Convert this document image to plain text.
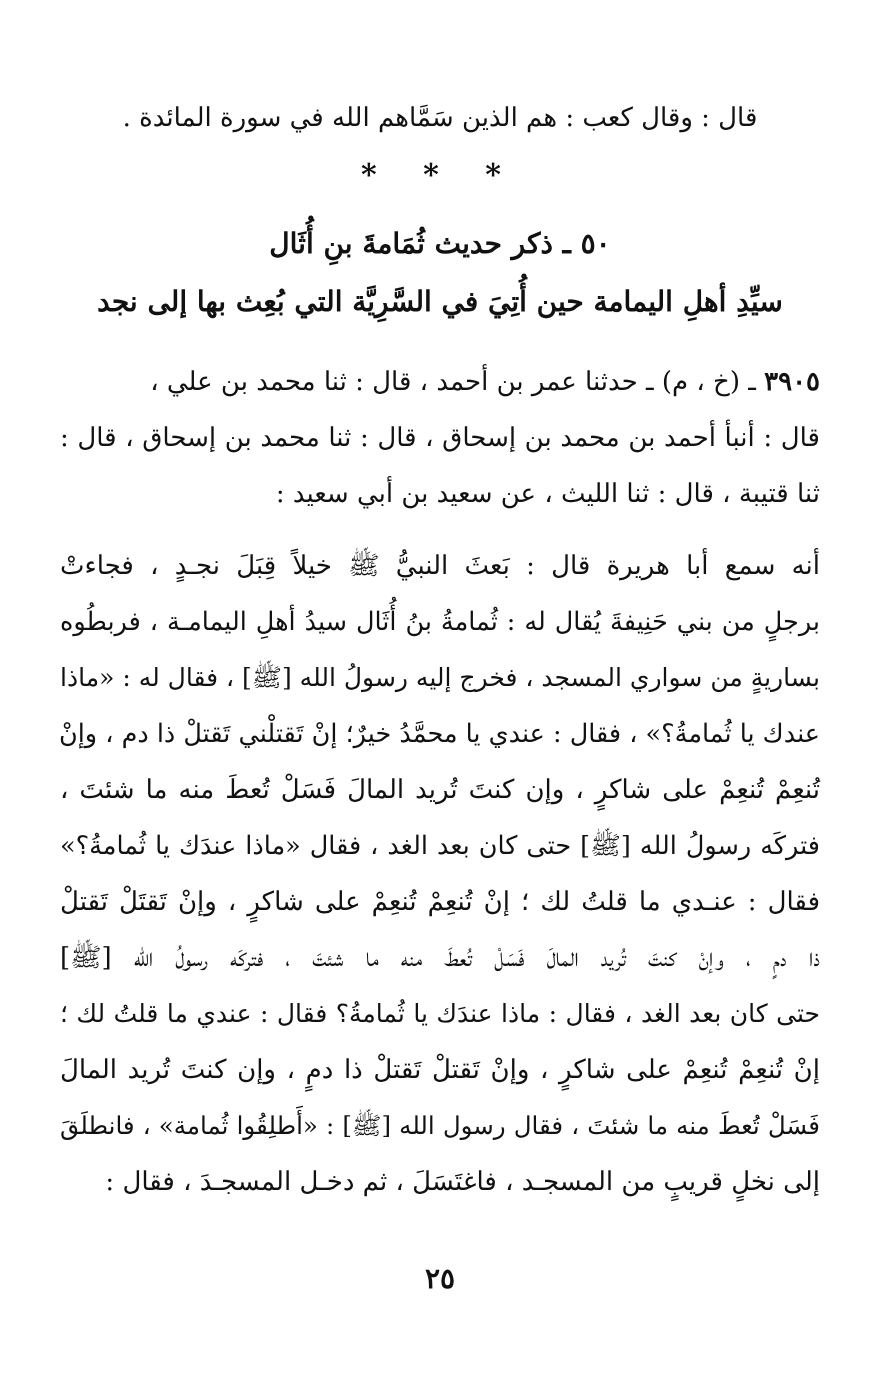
قال : وقال كعب : هم الذين سَمَّاهم الله في سورة المائدة .
* * *
٥٠ ـ ذكر حديث ثُمَامةَ بنِ أُثَال
سيِّدِ أهلِ اليمامة حين أُتِيَ في السَّرِيَّة التي بُعِث بها إلى نجد
٣٩٠٥ ـ (خ ، م) ـ حدثنا عمر بن أحمد ، قال : ثنا محمد بن علي ،
قال : أنبأ أحمد بن محمد بن إسحاق ، قال : ثنا محمد بن إسحاق ، قال :
ثنا قتيبة ، قال : ثنا الليث ، عن سعيد بن أبي سعيد :
أنه سمع أبا هريرة قال : بَعثَ النبيُّ ﷺ خيلاً قِبَلَ نجـدٍ ، فجاءتْ
برجلٍ من بني حَنِيفةَ يُقال له : ثُمامةُ بنُ أُثَال سيدُ أهلِ اليمامـة ، فربطُوه
بساريةٍ من سواري المسجد ، فخرج إليه رسولُ الله [ﷺ] ، فقال له : «ماذا
عندك يا ثُمامةُ؟» ، فقال : عندي يا محمَّدُ خيرٌ؛ إنْ تَقتلْني تَقتلْ ذا دم ، وإنْ
تُنعِمْ تُنعِمْ على شاكرٍ ، وإن كنتَ تُريد المالَ فَسَلْ تُعطَ منه ما شئتَ ،
فتركَه رسولُ الله [ﷺ] حتى كان بعد الغد ، فقال «ماذا عندَك يا ثُمامةُ؟»
فقال : عنـدي ما قلتُ لك ؛ إنْ تُنعِمْ تُنعِمْ على شاكرٍ ، وإنْ تَقتَلْ تَقتلْ
ذا دمٍ ، وإنْ كنتَ تُريد المالَ فَسَلْ تُعطَ منه ما شئتَ ، فتركَه رسولُ الله [ﷺ]
حتى كان بعد الغد ، فقال : ماذا عندَك يا ثُمامةُ؟ فقال : عندي ما قلتُ لك ؛
إنْ تُنعِمْ تُنعِمْ على شاكرٍ ، وإنْ تَقتلْ تَقتلْ ذا دمٍ ، وإن كنتَ تُريد المالَ
فَسَلْ تُعطَ منه ما شئتَ ، فقال رسول الله [ﷺ] : «أَطلِقُوا ثُمامة» ، فانطلَقَ
إلى نخلٍ قريبٍ من المسجـد ، فاغتَسَلَ ، ثم دخـل المسجـدَ ، فقال :
٢٥
